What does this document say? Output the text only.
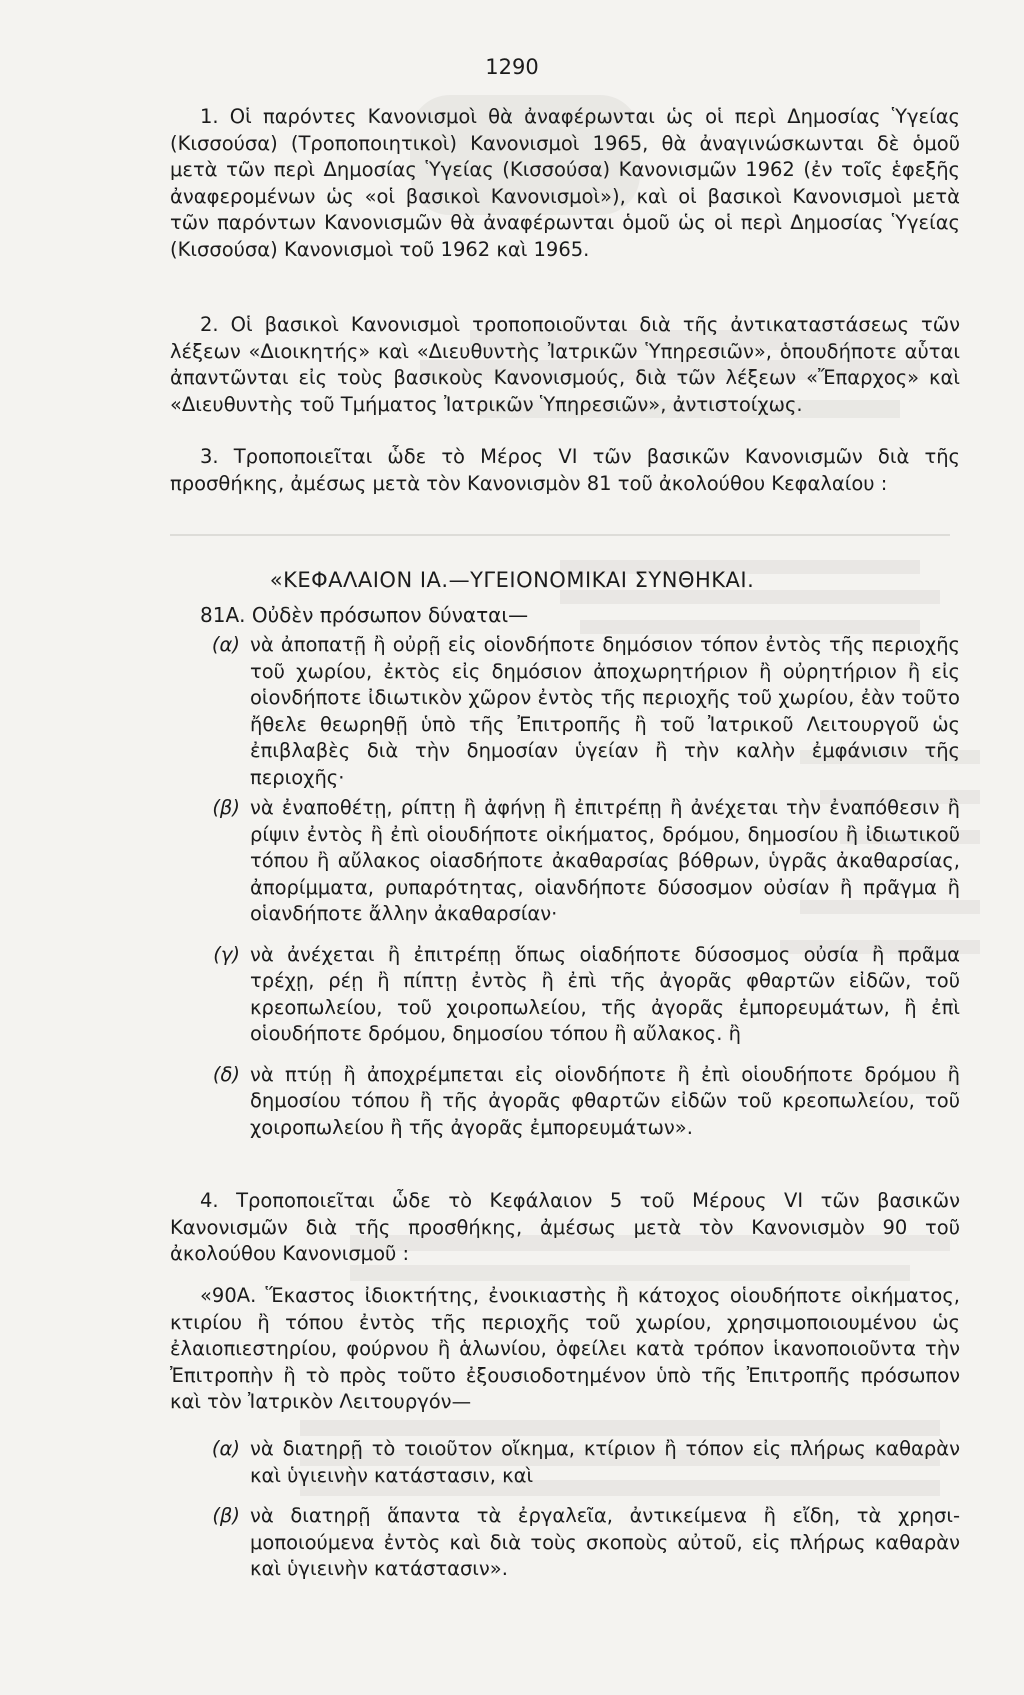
1290

1. Οἱ παρόντες Κανονισμοὶ θὰ ἀναφέρωνται ὡς οἱ περὶ Δημοσίας Ὑγείας (Κισσούσα) (Τροποποιητικοὶ) Κανονισμοὶ 1965, θὰ ἀναγινώσκωνται δὲ ὁμοῦ μετὰ τῶν περὶ Δημοσίας Ὑγείας (Κισσούσα) Κανονισμῶν 1962 (ἐν τοῖς ἑφεξῆς ἀναφερομένων ὡς «οἱ βασικοὶ Κανονισμοὶ»), καὶ οἱ βασικοὶ Κανονισμοὶ μετὰ τῶν παρόντων Κανονισμῶν θὰ ἀναφέρωνται ὁμοῦ ὡς οἱ περὶ Δημοσίας Ὑγείας (Κισσούσα) Κανονισμοὶ τοῦ 1962 καὶ 1965.

2. Οἱ βασικοὶ Κανονισμοὶ τροποποιοῦνται διὰ τῆς ἀντικαταστάσεως τῶν λέξεων «Διοικητής» καὶ «Διευθυντὴς Ἰατρικῶν Ὑπηρεσιῶν», ὁπουδήποτε αὗται ἀπαντῶνται εἰς τοὺς βασικοὺς Κανονισμούς, διὰ τῶν λέξεων «Ἔπαρχος» καὶ «Διευθυντὴς τοῦ Τμήματος Ἰατρικῶν Ὑπηρεσιῶν», ἀντιστοίχως.

3. Τροποποιεῖται ὧδε τὸ Μέρος VI τῶν βασικῶν Κανονισμῶν διὰ τῆς προσθήκης, ἀμέσως μετὰ τὸν Κανονισμὸν 81 τοῦ ἀκολούθου Κεφαλαίου :

«ΚΕΦΑΛΑΙΟΝ ΙΑ.—ΥΓΕΙΟΝΟΜΙΚΑΙ ΣΥΝΘΗΚΑΙ.

81Α. Οὐδὲν πρόσωπον δύναται—

(α) νὰ ἀποπατῇ ἢ οὐρῇ εἰς οἱονδήποτε δημόσιον τόπον ἐντὸς τῆς περιοχῆς τοῦ χωρίου, ἐκτὸς εἰς δημόσιον ἀποχωρητήριον ἢ οὐρητήριον ἢ εἰς οἱονδήποτε ἰδιωτικὸν χῶρον ἐντὸς τῆς περιοχῆς τοῦ χωρίου, ἐὰν τοῦτο ἤθελε θεωρηθῇ ὑπὸ τῆς Ἐπιτροπῆς ἢ τοῦ Ἰατρικοῦ Λειτουργοῦ ὡς ἐπιβλαβὲς διὰ τὴν δημοσίαν ὑγείαν ἢ τὴν καλὴν ἐμφάνισιν τῆς περιοχῆς·
(β) νὰ ἐναποθέτῃ, ρίπτῃ ἢ ἀφήνῃ ἢ ἐπιτρέπῃ ἢ ἀνέχεται τὴν ἐναπόθεσιν ἢ ρίψιν ἐντὸς ἢ ἐπὶ οἱουδήποτε οἰκήματος, δρόμου, δημοσίου ἢ ἰδιωτικοῦ τόπου ἢ αὔλακος οἱασδήποτε ἀκαθαρσίας βόθρων, ὑγρᾶς ἀκαθαρσίας, ἀπορίμματα, ρυπαρότητας, οἱανδήποτε δύσοσμον οὐσίαν ἢ πρᾶγμα ἢ οἱανδήποτε ἄλλην ἀκαθαρσίαν·
(γ) νὰ ἀνέχεται ἢ ἐπιτρέπῃ ὅπως οἱαδήποτε δύσοσμος οὐσία ἢ πρᾶμα τρέχῃ, ρέῃ ἢ πίπτῃ ἐντὸς ἢ ἐπὶ τῆς ἀγορᾶς φθαρτῶν εἰδῶν, τοῦ κρεοπωλείου, τοῦ χοιροπωλείου, τῆς ἀγορᾶς ἐμπορευμάτων, ἢ ἐπὶ οἱουδήποτε δρόμου, δημοσίου τόπου ἢ αὔλακος. ἢ
(δ) νὰ πτύῃ ἢ ἀποχρέμπεται εἰς οἱονδήποτε ἢ ἐπὶ οἱουδήποτε δρόμου ἢ δημοσίου τόπου ἢ τῆς ἀγορᾶς φθαρτῶν εἰδῶν τοῦ κρεοπωλείου, τοῦ χοιροπωλείου ἢ τῆς ἀγορᾶς ἐμπορευμάτων».

4. Τροποποιεῖται ὧδε τὸ Κεφάλαιον 5 τοῦ Μέρους VI τῶν βασικῶν Κανονισμῶν διὰ τῆς προσθήκης, ἀμέσως μετὰ τὸν Κανονισμὸν 90 τοῦ ἀκολούθου Κανονισμοῦ :

«90Α. Ἕκαστος ἰδιοκτήτης, ἐνοικιαστὴς ἢ κάτοχος οἱουδήποτε οἰκήματος, κτιρίου ἢ τόπου ἐντὸς τῆς περιοχῆς τοῦ χωρίου, χρησιμοποιουμένου ὡς ἐλαιοπιεστηρίου, φούρνου ἢ ἁλωνίου, ὀφείλει κατὰ τρόπον ἱκανοποιοῦντα τὴν Ἐπιτροπὴν ἢ τὸ πρὸς τοῦτο ἐξουσιοδοτημένον ὑπὸ τῆς Ἐπιτροπῆς πρόσωπον καὶ τὸν Ἰατρικὸν Λειτουργόν—

(α) νὰ διατηρῇ τὸ τοιοῦτον οἴκημα, κτίριον ἢ τόπον εἰς πλήρως καθαρὰν καὶ ὑγιεινὴν κατάστασιν, καὶ
(β) νὰ διατηρῇ ἅπαντα τὰ ἐργαλεῖα, ἀντικείμενα ἢ εἴδη, τὰ χρησιμοποιούμενα ἐντὸς καὶ διὰ τοὺς σκοποὺς αὐτοῦ, εἰς πλήρως καθαρὰν καὶ ὑγιεινὴν κατάστασιν».
